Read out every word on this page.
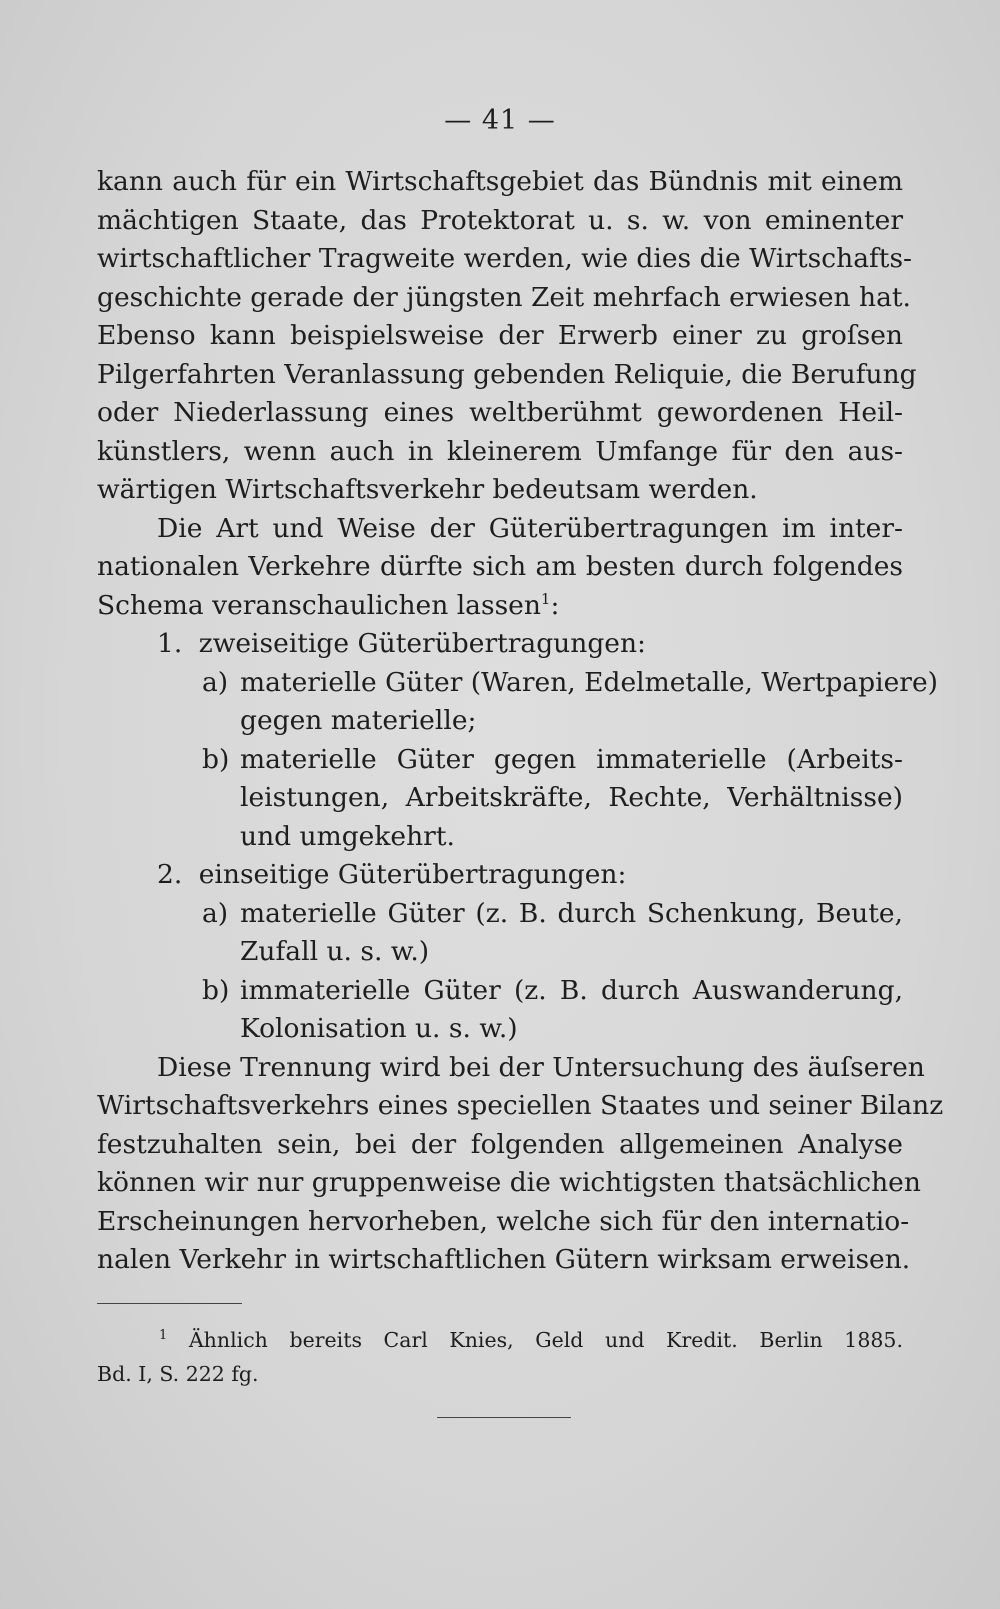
— 41 —
kann auch für ein Wirtschaftsgebiet das Bündnis mit einem
mächtigen Staate, das Protektorat u. s. w. von eminenter
wirtschaftlicher Tragweite werden, wie dies die Wirtschafts-
geschichte gerade der jüngsten Zeit mehrfach erwiesen hat.
Ebenso kann beispielsweise der Erwerb einer zu groſsen
Pilgerfahrten Veranlassung gebenden Reliquie, die Berufung
oder Niederlassung eines weltberühmt gewordenen Heil-
künstlers, wenn auch in kleinerem Umfange für den aus-
wärtigen Wirtschaftsverkehr bedeutsam werden.
Die Art und Weise der Güterübertragungen im inter-
nationalen Verkehre dürfte sich am besten durch folgendes
Schema veranschaulichen lassen$^1$:
1. zweiseitige Güterübertragungen:
a) materielle Güter (Waren, Edelmetalle, Wertpapiere)
gegen materielle;
b) materielle Güter gegen immaterielle (Arbeits-
leistungen, Arbeitskräfte, Rechte, Verhältnisse)
und umgekehrt.
2. einseitige Güterübertragungen:
a) materielle Güter (z. B. durch Schenkung, Beute,
Zufall u. s. w.)
b) immaterielle Güter (z. B. durch Auswanderung,
Kolonisation u. s. w.)
Diese Trennung wird bei der Untersuchung des äuſseren
Wirtschaftsverkehrs eines speciellen Staates und seiner Bilanz
festzuhalten sein, bei der folgenden allgemeinen Analyse
können wir nur gruppenweise die wichtigsten thatsächlichen
Erscheinungen hervorheben, welche sich für den internatio-
nalen Verkehr in wirtschaftlichen Gütern wirksam erweisen.
$^1$ Ähnlich bereits Carl Knies, Geld und Kredit. Berlin 1885.
Bd. I, S. 222 fg.
